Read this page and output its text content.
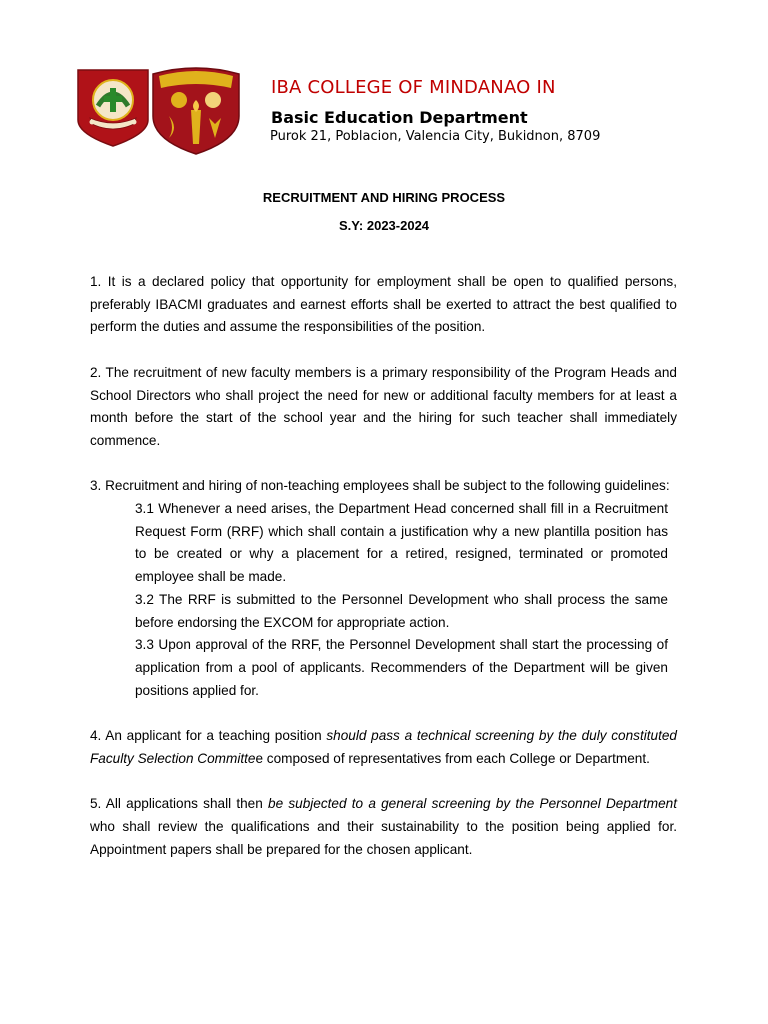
IBA COLLEGE OF MINDANAO IN
Basic Education Department
Purok 21, Poblacion, Valencia City, Bukidnon, 8709
RECRUITMENT AND HIRING PROCESS
S.Y: 2023-2024

1. It is a declared policy that opportunity for employment shall be open to qualified persons, preferably IBACMI graduates and earnest efforts shall be exerted to attract the best qualified to perform the duties and assume the responsibilities of the position.

2. The recruitment of new faculty members is a primary responsibility of the Program Heads and School Directors who shall project the need for new or additional faculty members for at least a month before the start of the school year and the hiring for such teacher shall immediately commence.

3. Recruitment and hiring of non-teaching employees shall be subject to the following guidelines:

3.1 Whenever a need arises, the Department Head concerned shall fill in a Recruitment Request Form (RRF) which shall contain a justification why a new plantilla position has to be created or why a placement for a retired, resigned, terminated or promoted employee shall be made.

3.2 The RRF is submitted to the Personnel Development who shall process the same before endorsing the EXCOM for appropriate action.

3.3 Upon approval of the RRF, the Personnel Development shall start the processing of application from a pool of applicants. Recommenders of the Department will be given positions applied for.

4. An applicant for a teaching position should pass a technical screening by the duly constituted Faculty Selection Committee composed of representatives from each College or Department.

5. All applications shall then be subjected to a general screening by the Personnel Department who shall review the qualifications and their sustainability to the position being applied for. Appointment papers shall be prepared for the chosen applicant.
